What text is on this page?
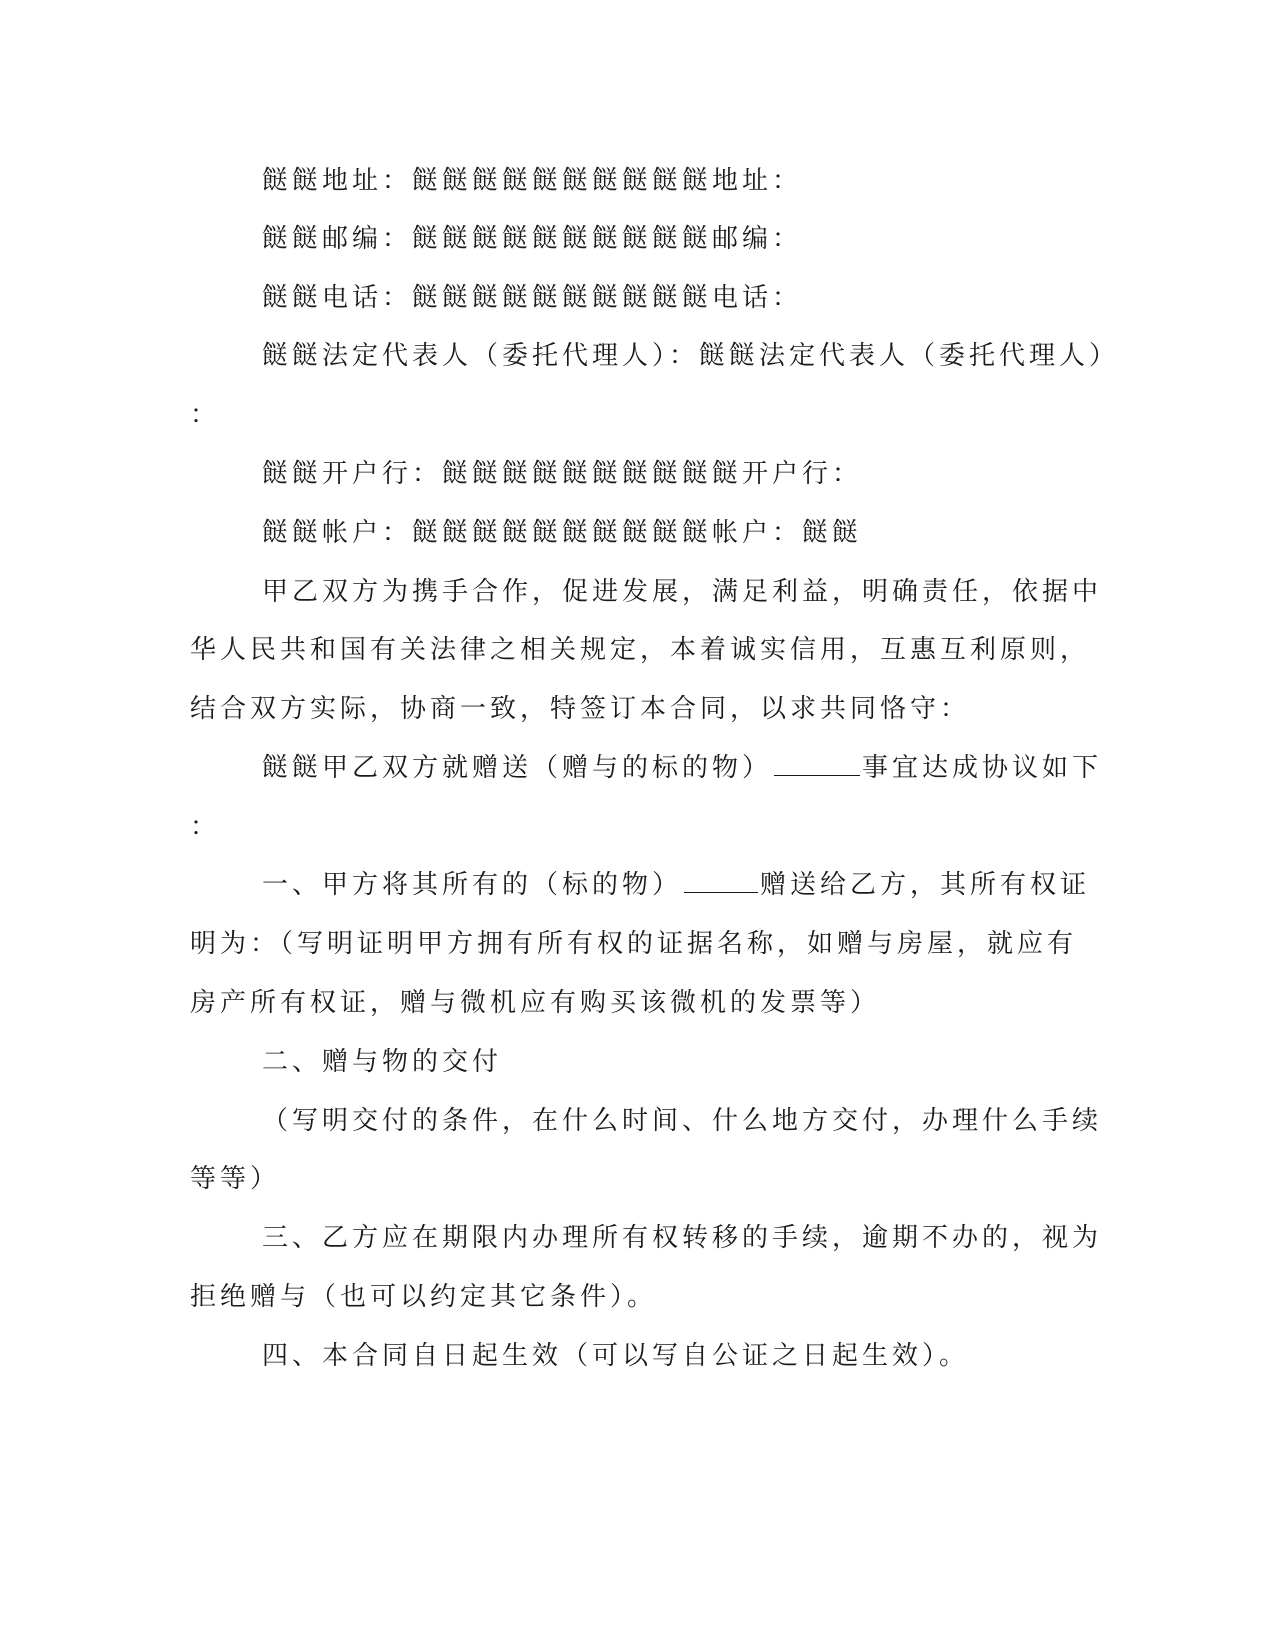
餸餸地址：餸餸餸餸餸餸餸餸餸餸地址：
餸餸邮编：餸餸餸餸餸餸餸餸餸餸邮编：
餸餸电话：餸餸餸餸餸餸餸餸餸餸电话：
餸餸法定代表人（委托代理人）：餸餸法定代表人（委托代理人）
：
餸餸开户行：餸餸餸餸餸餸餸餸餸餸开户行：
餸餸帐户：餸餸餸餸餸餸餸餸餸餸帐户：餸餸
甲乙双方为携手合作，促进发展，满足利益，明确责任，依据中
华人民共和国有关法律之相关规定，本着诚实信用，互惠互利原则，
结合双方实际，协商一致，特签订本合同，以求共同恪守：
餸餸甲乙双方就赠送（赠与的标的物）	事宜达成协议如下
：
一、甲方将其所有的（标的物）	赠送给乙方，其所有权证
明为：（写明证明甲方拥有所有权的证据名称，如赠与房屋，就应有
房产所有权证，赠与微机应有购买该微机的发票等）
二、赠与物的交付
（写明交付的条件，在什么时间、什么地方交付，办理什么手续
等等）
三、乙方应在期限内办理所有权转移的手续，逾期不办的，视为
拒绝赠与（也可以约定其它条件）。
四、本合同自日起生效（可以写自公证之日起生效）。
